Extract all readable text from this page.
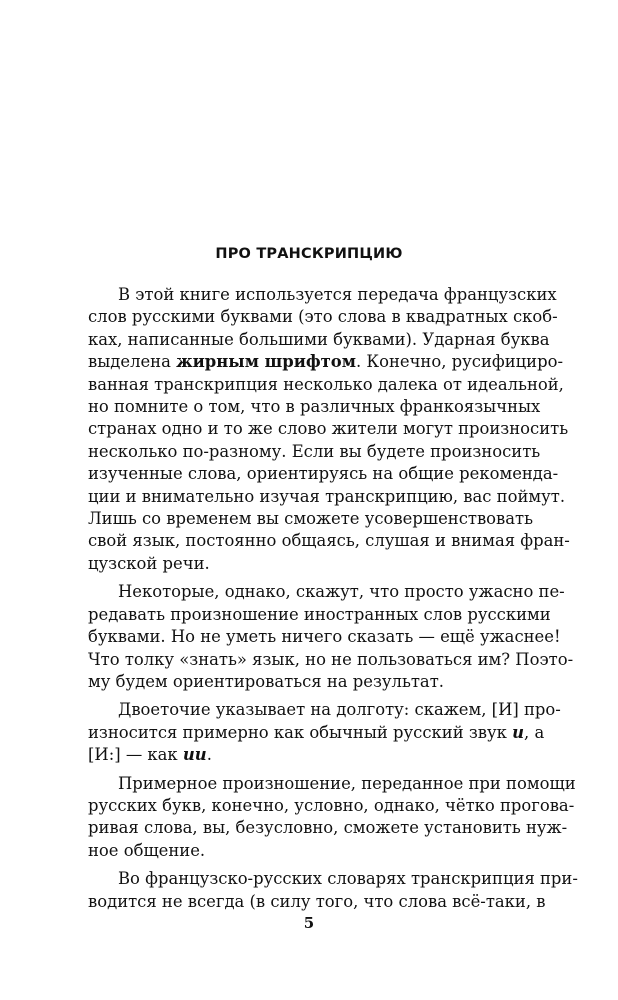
ПРО ТРАНСКРИПЦИЮ
В этой книге используется передача французских
слов русскими буквами (это слова в квадратных скоб-
ках, написанные большими буквами). Ударная буква
выделена жирным шрифтом. Конечно, русифициро-
ванная транскрипция несколько далека от идеальной,
но помните о том, что в различных франкоязычных
странах одно и то же слово жители могут произносить
несколько по-разному. Если вы будете произносить
изученные слова, ориентируясь на общие рекоменда-
ции и внимательно изучая транскрипцию, вас поймут.
Лишь со временем вы сможете усовершенствовать
свой язык, постоянно общаясь, слушая и внимая фран-
цузской речи.
Некоторые, однако, скажут, что просто ужасно пе-
редавать произношение иностранных слов русскими
буквами. Но не уметь ничего сказать — ещё ужаснее!
Что толку «знать» язык, но не пользоваться им? Поэто-
му будем ориентироваться на результат.
Двоеточие указывает на долготу: скажем, [И] про-
износится примерно как обычный русский звук и, а
[И:] — как ии.
Примерное произношение, переданное при помощи
русских букв, конечно, условно, однако, чётко прогова-
ривая слова, вы, безусловно, сможете установить нуж-
ное общение.
Во французско-русских словарях транскрипция при-
водится не всегда (в силу того, что слова всё-таки, в
5
